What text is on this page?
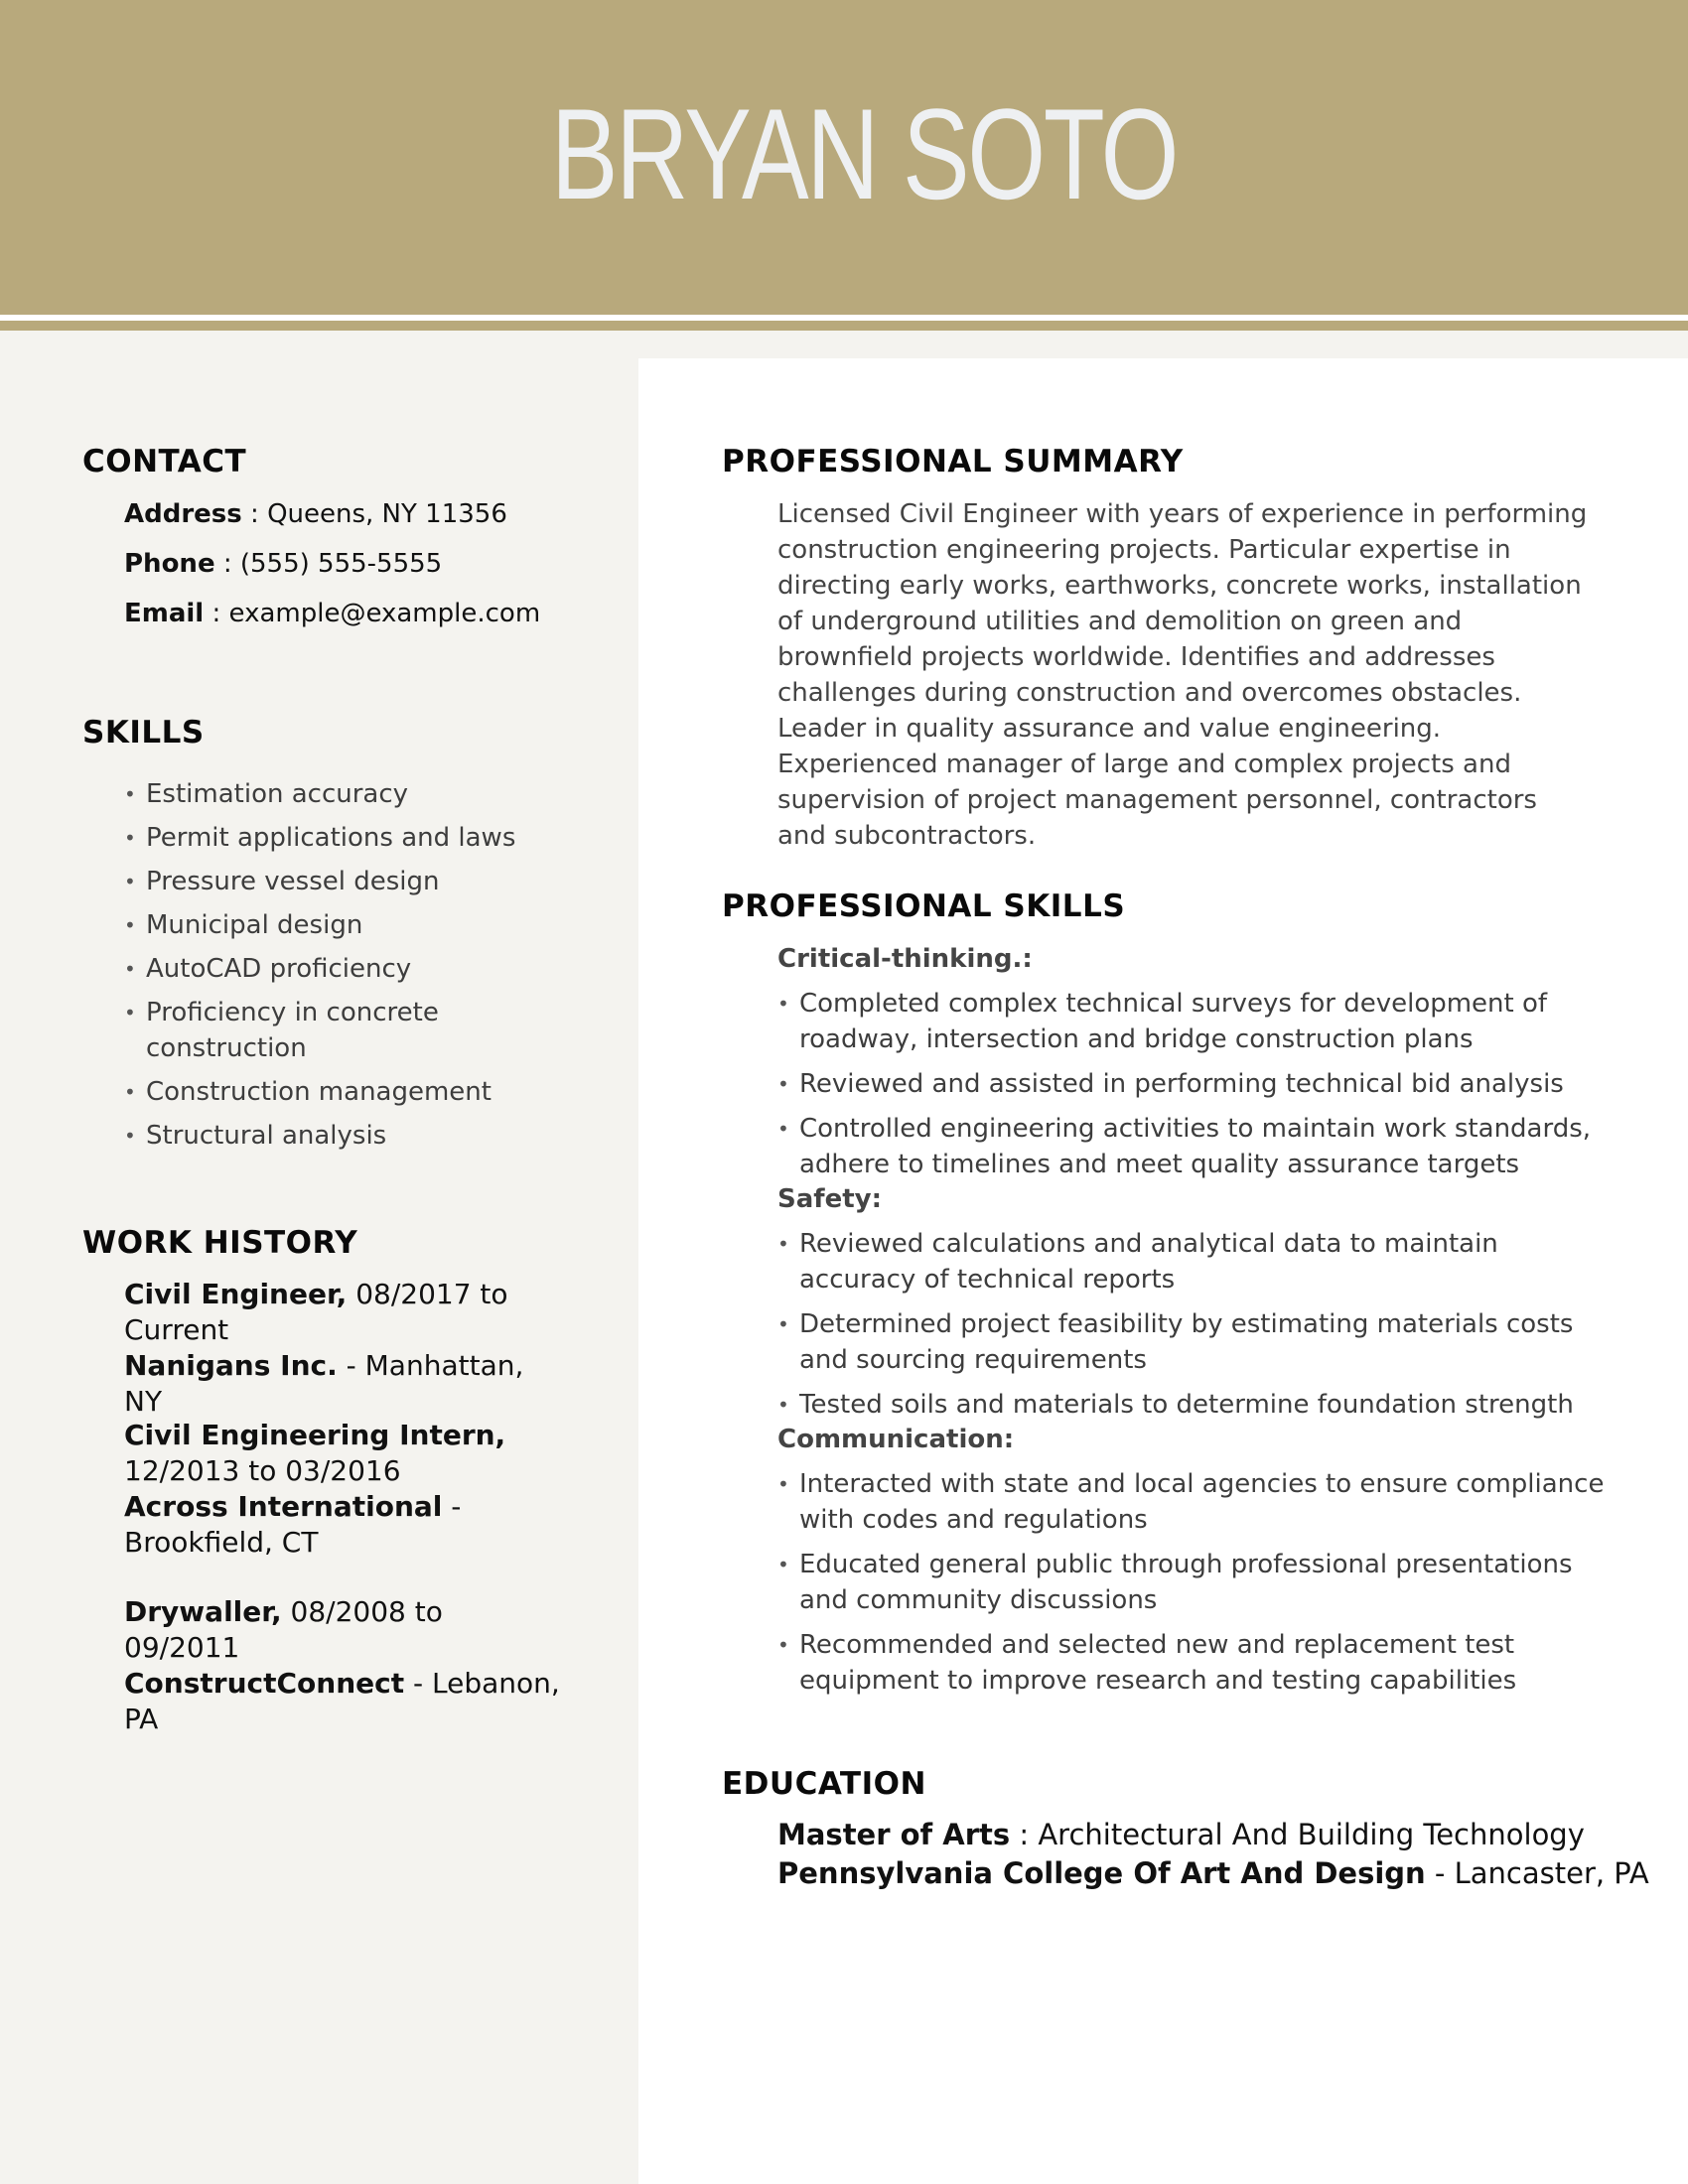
BRYAN SOTO
CONTACT
Address : Queens, NY 11356
Phone : (555) 555-5555
Email : example@example.com
SKILLS
• Estimation accuracy
• Permit applications and laws
• Pressure vessel design
• Municipal design
• AutoCAD proficiency
• Proficiency in concrete construction
• Construction management
• Structural analysis
WORK HISTORY
Civil Engineer, 08/2017 to Current
Nanigans Inc. - Manhattan, NY
Civil Engineering Intern, 12/2013 to 03/2016
Across International - Brookfield, CT
Drywaller, 08/2008 to 09/2011
ConstructConnect - Lebanon, PA
PROFESSIONAL SUMMARY
Licensed Civil Engineer with years of experience in performing construction engineering projects. Particular expertise in directing early works, earthworks, concrete works, installation of underground utilities and demolition on green and brownfield projects worldwide. Identifies and addresses challenges during construction and overcomes obstacles. Leader in quality assurance and value engineering. Experienced manager of large and complex projects and supervision of project management personnel, contractors and subcontractors.
PROFESSIONAL SKILLS
Critical-thinking.:
• Completed complex technical surveys for development of roadway, intersection and bridge construction plans
• Reviewed and assisted in performing technical bid analysis
• Controlled engineering activities to maintain work standards, adhere to timelines and meet quality assurance targets
Safety:
• Reviewed calculations and analytical data to maintain accuracy of technical reports
• Determined project feasibility by estimating materials costs and sourcing requirements
• Tested soils and materials to determine foundation strength
Communication:
• Interacted with state and local agencies to ensure compliance with codes and regulations
• Educated general public through professional presentations and community discussions
• Recommended and selected new and replacement test equipment to improve research and testing capabilities
EDUCATION
Master of Arts : Architectural And Building Technology
Pennsylvania College Of Art And Design - Lancaster, PA
